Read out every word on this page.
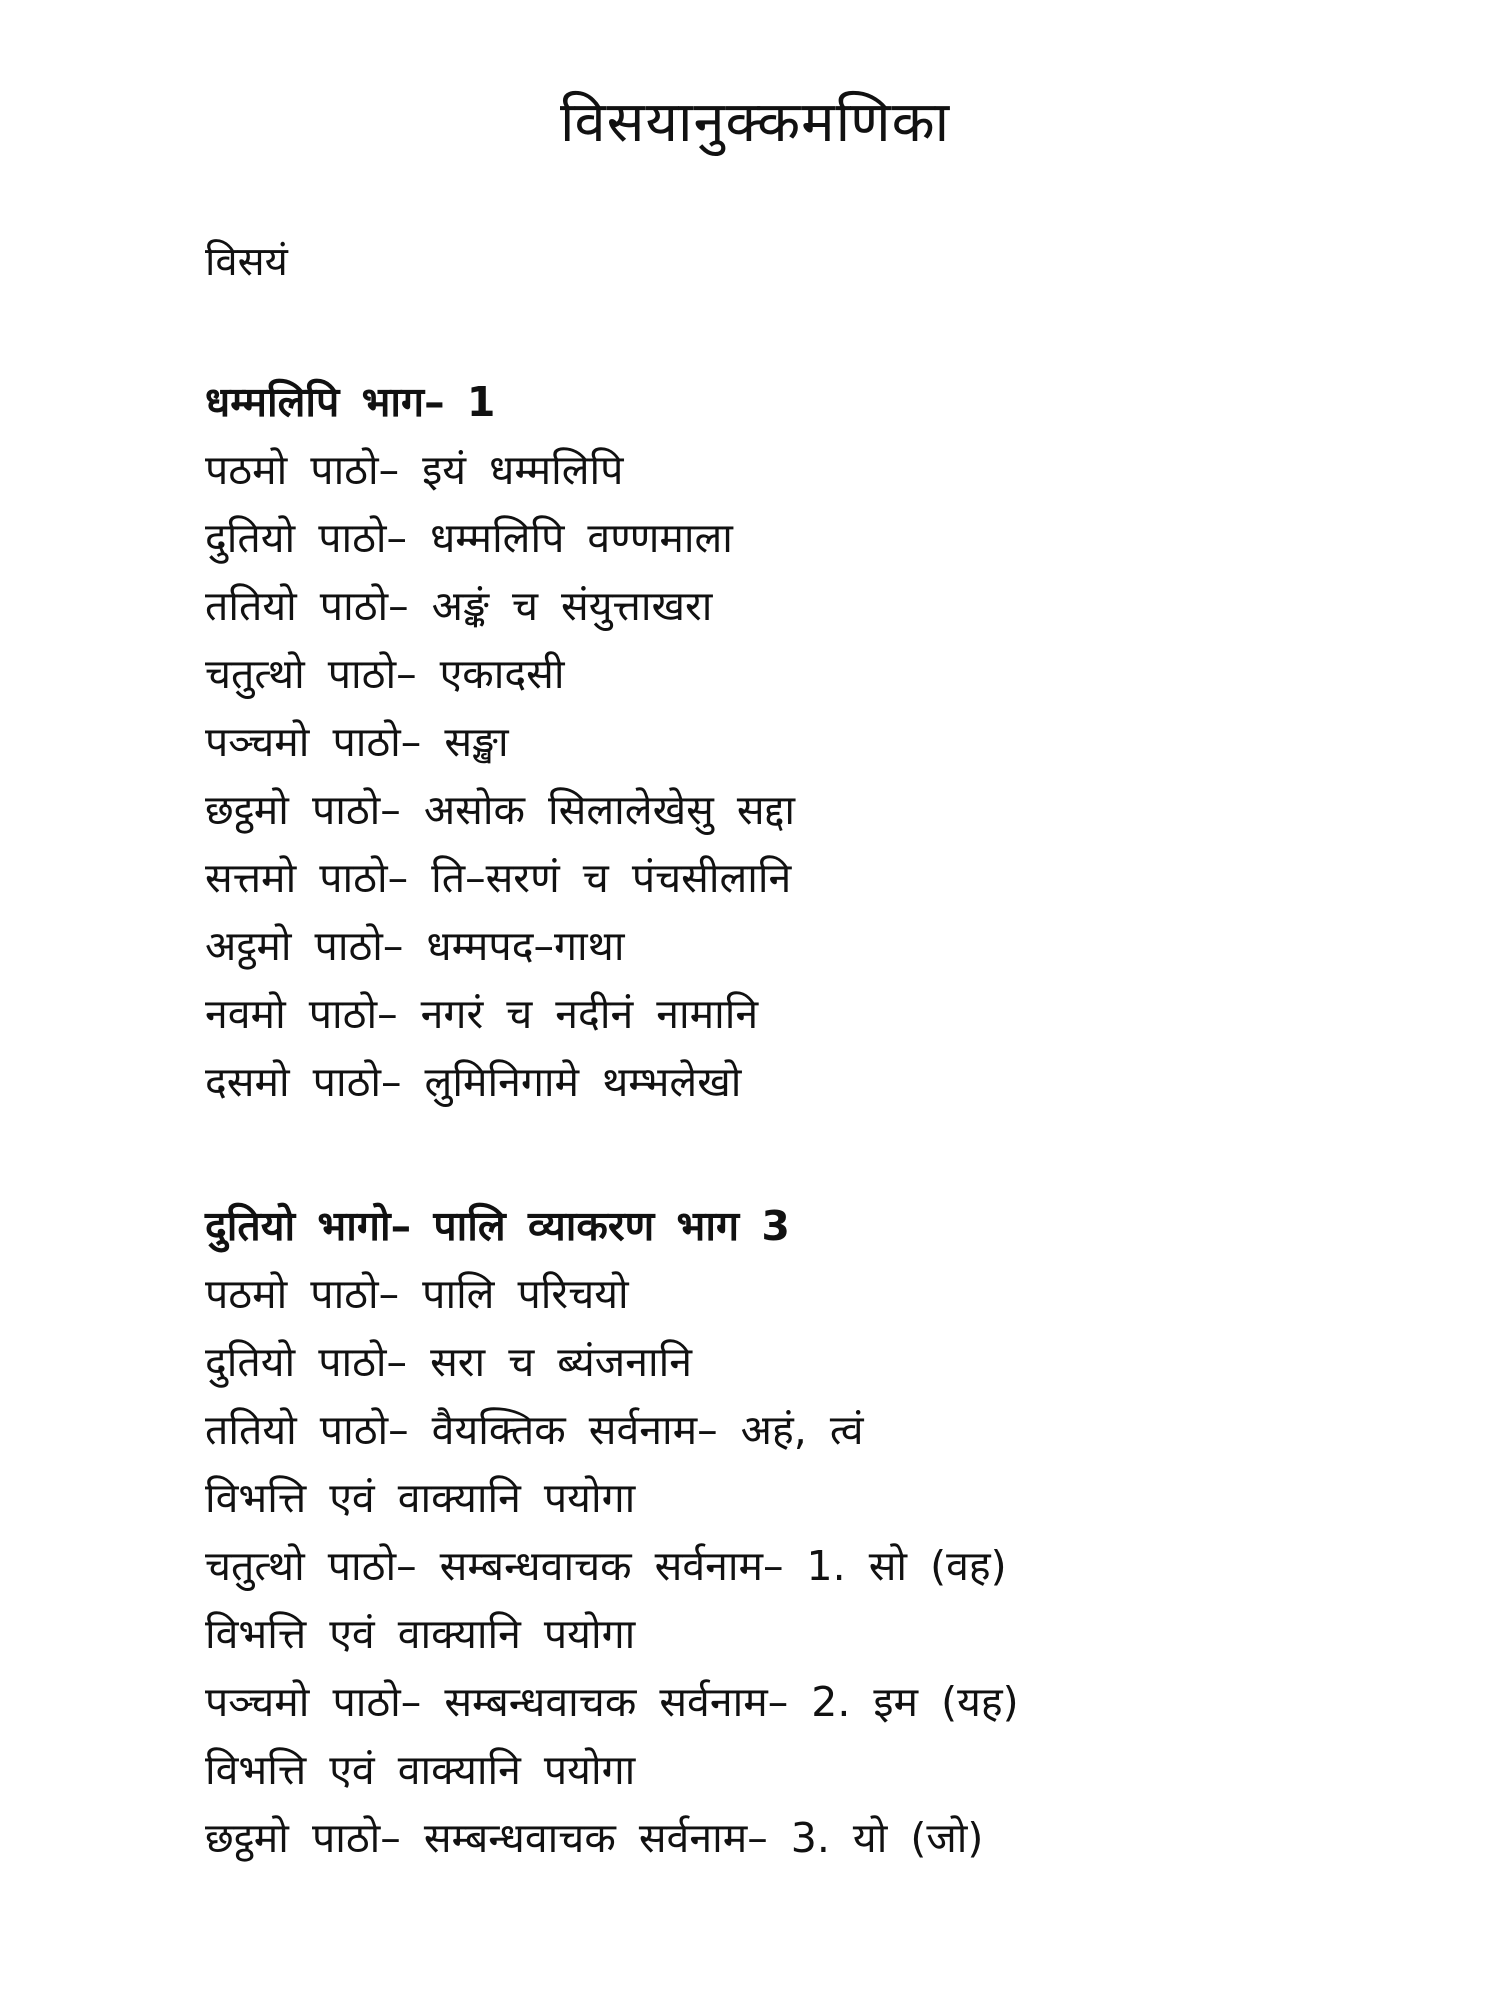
विसयानुक्कमणिका
विसयं
धम्मलिपि भाग– 1
पठमो पाठो– इयं धम्मलिपि
दुतियो पाठो– धम्मलिपि वण्णमाला
ततियो पाठो– अङ्कं च संयुत्ताखरा
चतुत्थो पाठो– एकादसी
पञ्चमो पाठो– सङ्खा
छट्ठमो पाठो– असोक सिलालेखेसु सद्दा
सत्तमो पाठो– ति–सरणं च पंचसीलानि
अट्ठमो पाठो– धम्मपद–गाथा
नवमो पाठो– नगरं च नदीनं नामानि
दसमो पाठो– लुमिनिगामे थम्भलेखो
दुतियो भागो– पालि व्याकरण भाग 3
पठमो पाठो– पालि परिचयो
दुतियो पाठो– सरा च ब्यंजनानि
ततियो पाठो– वैयक्तिक सर्वनाम– अहं, त्वं
विभत्ति एवं वाक्यानि पयोगा
चतुत्थो पाठो– सम्बन्धवाचक सर्वनाम– 1. सो (वह)
विभत्ति एवं वाक्यानि पयोगा
पञ्चमो पाठो– सम्बन्धवाचक सर्वनाम– 2. इम (यह)
विभत्ति एवं वाक्यानि पयोगा
छट्ठमो पाठो– सम्बन्धवाचक सर्वनाम– 3. यो (जो)
